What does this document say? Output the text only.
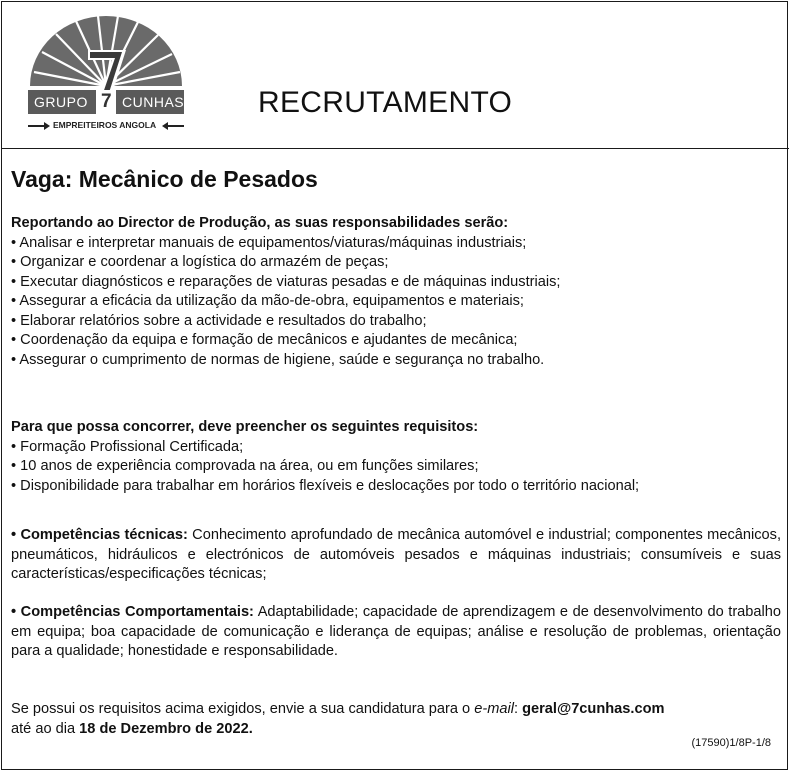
GRUPO 7 CUNHAS
EMPREITEIROS ANGOLA
RECRUTAMENTO
Vaga: Mecânico de Pesados
Reportando ao Director de Produção, as suas responsabilidades serão:
• Analisar e interpretar manuais de equipamentos/viaturas/máquinas industriais;
• Organizar e coordenar a logística do armazém de peças;
• Executar diagnósticos e reparações de viaturas pesadas e de máquinas industriais;
• Assegurar a eficácia da utilização da mão-de-obra, equipamentos e materiais;
• Elaborar relatórios sobre a actividade e resultados do trabalho;
• Coordenação da equipa e formação de mecânicos e ajudantes de mecânica;
• Assegurar o cumprimento de normas de higiene, saúde e segurança no trabalho.
Para que possa concorrer, deve preencher os seguintes requisitos:
• Formação Profissional Certificada;
• 10 anos de experiência comprovada na área, ou em funções similares;
• Disponibilidade para trabalhar em horários flexíveis e deslocações por todo o território nacional;
• Competências técnicas: Conhecimento aprofundado de mecânica automóvel e industrial; componentes mecânicos, pneumáticos, hidráulicos e electrónicos de automóveis pesados e máquinas industriais; consumíveis e suas características/especificações técnicas;
• Competências Comportamentais: Adaptabilidade; capacidade de aprendizagem e de desenvolvimento do trabalho em equipa; boa capacidade de comunicação e liderança de equipas; análise e resolução de problemas, orientação para a qualidade; honestidade e responsabilidade.
Se possui os requisitos acima exigidos, envie a sua candidatura para o e-mail: geral@7cunhas.com
até ao dia 18 de Dezembro de 2022.
(17590)1/8P-1/8
